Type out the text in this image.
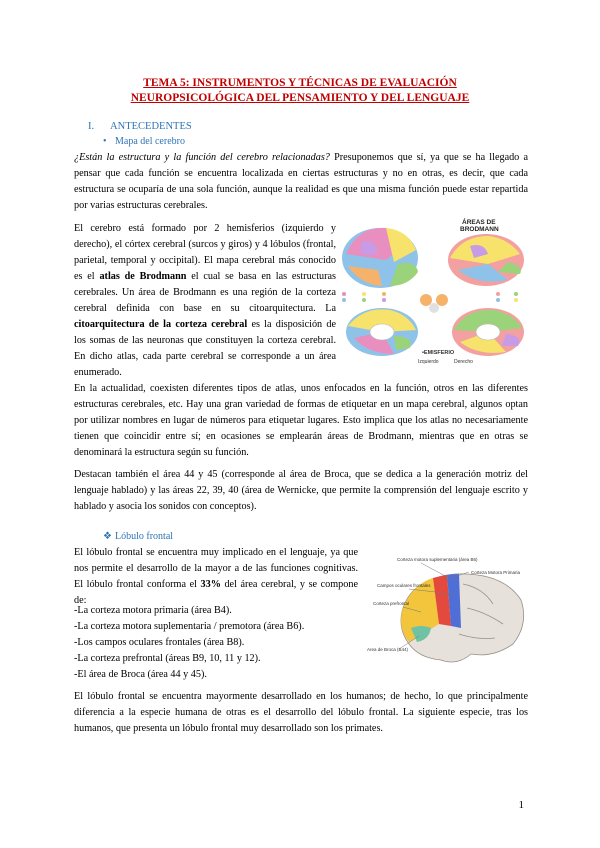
TEMA 5: INSTRUMENTOS Y TÉCNICAS DE EVALUACIÓN
NEUROPSICOLÓGICA DEL PENSAMIENTO Y DEL LENGUAJE
I. ANTECEDENTES
• Mapa del cerebro
¿Están la estructura y la función del cerebro relacionadas? Presuponemos que sí, ya que se ha llegado a pensar que cada función se encuentra localizada en ciertas estructuras y no en otras, es decir, que cada estructura se ocuparía de una sola función, aunque la realidad es que una misma función puede estar repartida por varias estructuras cerebrales.
El cerebro está formado por 2 hemisferios (izquierdo y derecho), el córtex cerebral (surcos y giros) y 4 lóbulos (frontal, parietal, temporal y occipital). El mapa cerebral más conocido es el atlas de Brodmann el cual se basa en las estructuras cerebrales. Un área de Brodmann es una región de la corteza cerebral definida con base en su citoarquitectura. La citoarquitectura de la corteza cerebral es la disposición de los somas de las neuronas que constituyen la corteza cerebral. En dicho atlas, cada parte cerebral se corresponde a un área enumerado.
ÁREAS DE
BRODMANN
•EMISFERIO
Izquierdo	Derecho
En la actualidad, coexisten diferentes tipos de atlas, unos enfocados en la función, otros en las diferentes estructuras cerebrales, etc. Hay una gran variedad de formas de etiquetar en un mapa cerebral, algunos optan por utilizar nombres en lugar de números para etiquetar lugares. Esto implica que los atlas no necesariamente tienen que coincidir entre sí; en ocasiones se emplearán áreas de Brodmann, mientras que en otras se denominará la estructura según su función.
Destacan también el área 44 y 45 (corresponde al área de Broca, que se dedica a la generación motriz del lenguaje hablado) y las áreas 22, 39, 40 (área de Wernicke, que permite la comprensión del lenguaje escrito y hablado y asocia los sonidos con conceptos).
❖ Lóbulo frontal
El lóbulo frontal se encuentra muy implicado en el lenguaje, ya que nos permite el desarrollo de la mayor a de las funciones cognitivas. El lóbulo frontal conforma el 33% del área cerebral, y se compone de:
-La corteza motora primaria (área B4).
-La corteza motora suplementaria / premotora (área B6).
-Los campos oculares frontales (área B8).
-La corteza prefrontal (áreas B9, 10, 11 y 12).
-El área de Broca (área 44 y 45).
Corteza motora suplementaria (área B6)
Corteza Motora Primaria
Campos oculares frontales
Corteza prefrontal
Area de Broca (B44)
El lóbulo frontal se encuentra mayormente desarrollado en los humanos; de hecho, lo que principalmente diferencia a la especie humana de otras es el desarrollo del lóbulo frontal. La siguiente especie, tras los humanos, que presenta un lóbulo frontal muy desarrollado son los primates.
1
